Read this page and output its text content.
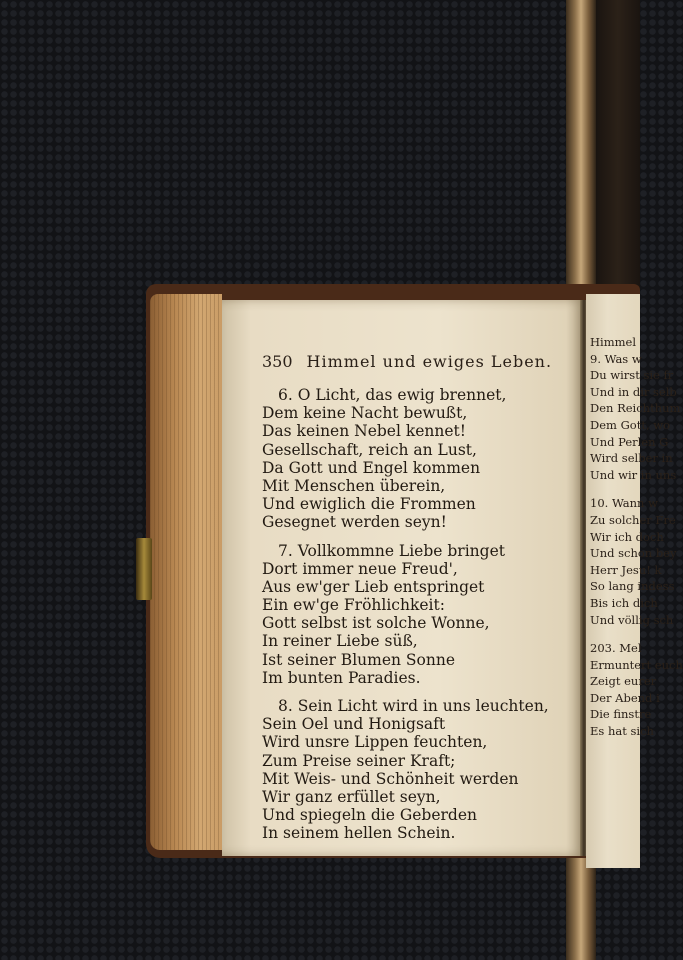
Himmel
9. Was w
Du wirst sie fr
Und in dir selb
Den Reichthum
Dem Gott, wo
Und Perlen G
Wird selber in
Und wir in uns
10. Wann w
Zu solcher Fre
Wir ich doch
Und schon bey
Herr Jesu! k
So lang indess
Bis ich dich
Und völlig sch
203. Mel
Ermuntert euch
Zeigt eurer
Der Abend i
Die finstre
Es hat sich
350 Himmel und ewiges Leben.
6. O Licht, das ewig brennet,
Dem keine Nacht bewußt,
Das keinen Nebel kennet!
Gesellschaft, reich an Lust,
Da Gott und Engel kommen
Mit Menschen überein,
Und ewiglich die Frommen
Gesegnet werden seyn!
7. Vollkommne Liebe bringet
Dort immer neue Freud',
Aus ew'ger Lieb entspringet
Ein ew'ge Fröhlichkeit:
Gott selbst ist solche Wonne,
In reiner Liebe süß,
Ist seiner Blumen Sonne
Im bunten Paradies.
8. Sein Licht wird in uns leuchten,
Sein Oel und Honigsaft
Wird unsre Lippen feuchten,
Zum Preise seiner Kraft;
Mit Weis- und Schönheit werden
Wir ganz erfüllet seyn,
Und spiegeln die Geberden
In seinem hellen Schein.
